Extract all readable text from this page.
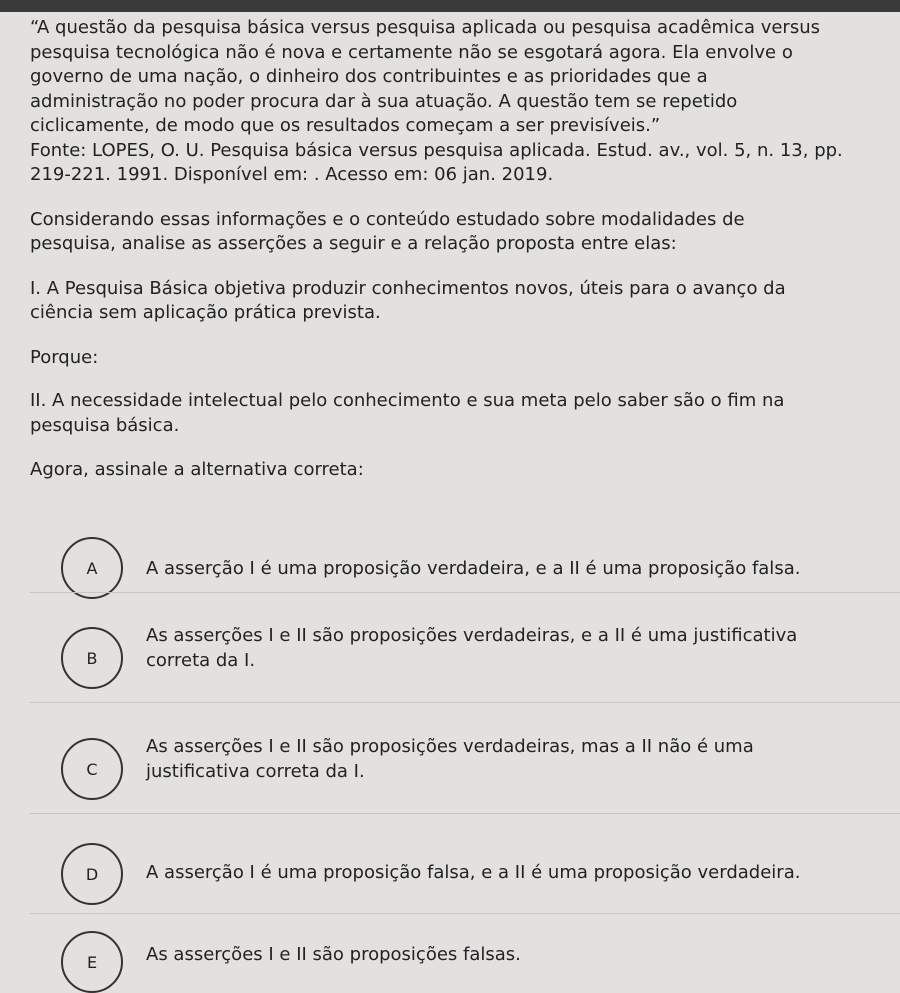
“A questão da pesquisa básica versus pesquisa aplicada ou pesquisa acadêmica versus
pesquisa tecnológica não é nova e certamente não se esgotará agora. Ela envolve o
governo de uma nação, o dinheiro dos contribuintes e as prioridades que a
administração no poder procura dar à sua atuação. A questão tem se repetido
ciclicamente, de modo que os resultados começam a ser previsíveis.”

Fonte: LOPES, O. U. Pesquisa básica versus pesquisa aplicada. Estud. av., vol. 5, n. 13, pp.
219-221. 1991. Disponível em: . Acesso em: 06 jan. 2019.

Considerando essas informações e o conteúdo estudado sobre modalidades de
pesquisa, analise as asserções a seguir e a relação proposta entre elas:

I. A Pesquisa Básica objetiva produzir conhecimentos novos, úteis para o avanço da
ciência sem aplicação prática prevista.

Porque:

II. A necessidade intelectual pelo conhecimento e sua meta pelo saber são o fim na
pesquisa básica.

Agora, assinale a alternativa correta:

A	A asserção I é uma proposição verdadeira, e a II é uma proposição falsa.
B
As asserções I e II são proposições verdadeiras, e a II é uma justificativa
correta da I.
C
As asserções I e II são proposições verdadeiras, mas a II não é uma
justificativa correta da I.
D	A asserção I é uma proposição falsa, e a II é uma proposição verdadeira.
E	As asserções I e II são proposições falsas.
